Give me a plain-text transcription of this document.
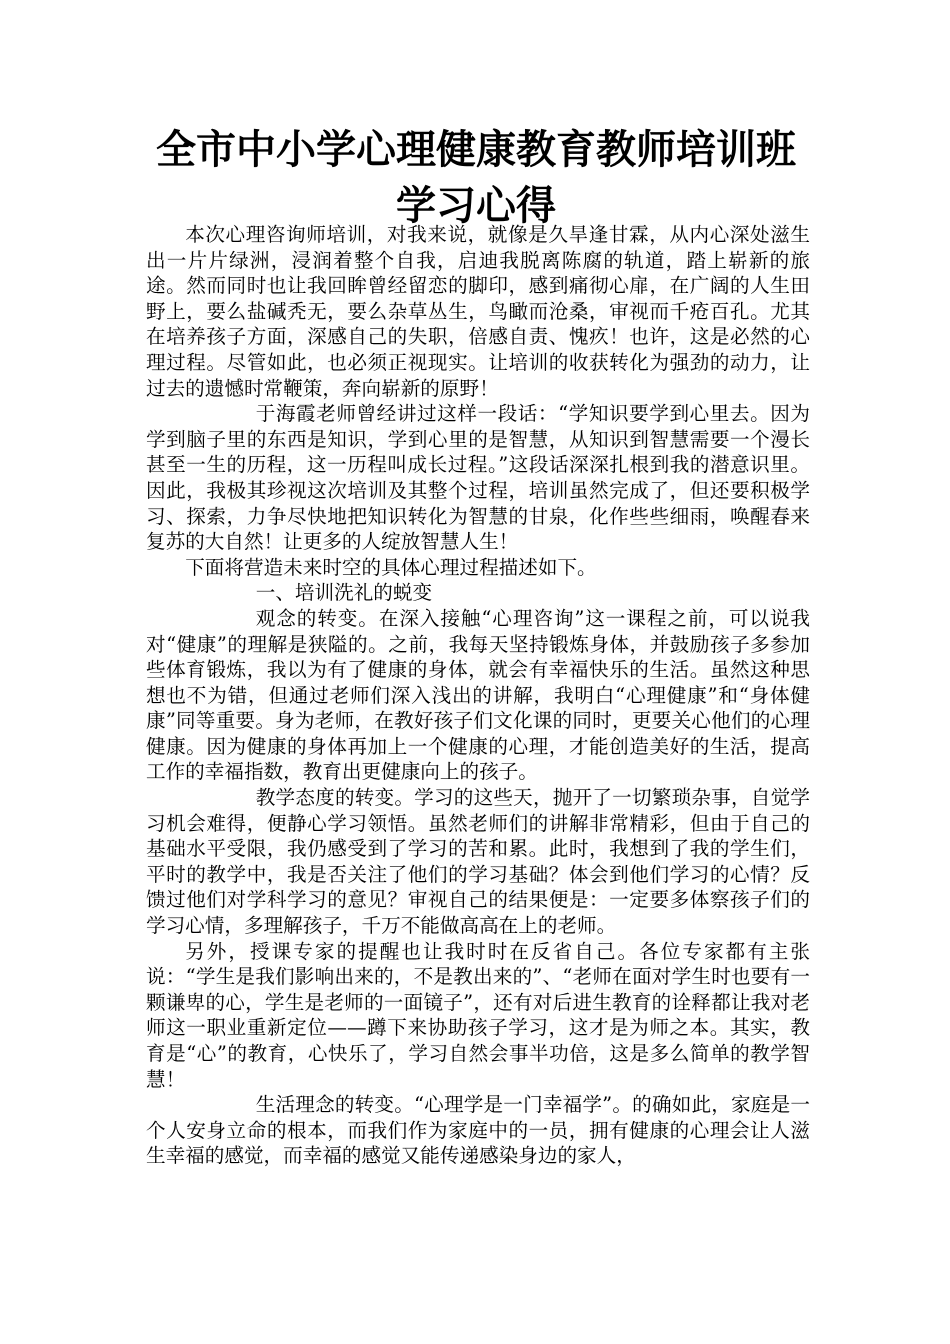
全市中小学心理健康教育教师培训班学习心得

本次心理咨询师培训，对我来说，就像是久旱逢甘霖，从内心深处滋生出一片片绿洲，浸润着整个自我，启迪我脱离陈腐的轨道，踏上崭新的旅途。然而同时也让我回眸曾经留恋的脚印，感到痛彻心扉，在广阔的人生田野上，要么盐碱秃无，要么杂草丛生，鸟瞰而沧桑，审视而千疮百孔。尤其在培养孩子方面，深感自己的失职，倍感自责、愧疚！也许，这是必然的心理过程。尽管如此，也必须正视现实。让培训的收获转化为强劲的动力，让过去的遗憾时常鞭策，奔向崭新的原野！

于海霞老师曾经讲过这样一段话：“学知识要学到心里去。因为学到脑子里的东西是知识，学到心里的是智慧，从知识到智慧需要一个漫长甚至一生的历程，这一历程叫成长过程。”这段话深深扎根到我的潜意识里。因此，我极其珍视这次培训及其整个过程，培训虽然完成了，但还要积极学习、探索，力争尽快地把知识转化为智慧的甘泉，化作些些细雨，唤醒春来复苏的大自然！让更多的人绽放智慧人生！

下面将营造未来时空的具体心理过程描述如下。

一、培训洗礼的蜕变

观念的转变。在深入接触“心理咨询”这一课程之前，可以说我对“健康”的理解是狭隘的。之前，我每天坚持锻炼身体，并鼓励孩子多参加些体育锻炼，我以为有了健康的身体，就会有幸福快乐的生活。虽然这种思想也不为错，但通过老师们深入浅出的讲解，我明白“心理健康”和“身体健康”同等重要。身为老师，在教好孩子们文化课的同时，更要关心他们的心理健康。因为健康的身体再加上一个健康的心理，才能创造美好的生活，提高工作的幸福指数，教育出更健康向上的孩子。

教学态度的转变。学习的这些天，抛开了一切繁琐杂事，自觉学习机会难得，便静心学习领悟。虽然老师们的讲解非常精彩，但由于自己的基础水平受限，我仍感受到了学习的苦和累。此时，我想到了我的学生们，平时的教学中，我是否关注了他们的学习基础？体会到他们学习的心情？反馈过他们对学科学习的意见？审视自己的结果便是：一定要多体察孩子们的学习心情，多理解孩子，千万不能做高高在上的老师。

另外，授课专家的提醒也让我时时在反省自己。各位专家都有主张说：“学生是我们影响出来的，不是教出来的”、“老师在面对学生时也要有一颗谦卑的心，学生是老师的一面镜子”，还有对后进生教育的诠释都让我对老师这一职业重新定位——蹲下来协助孩子学习，这才是为师之本。其实，教育是“心”的教育，心快乐了，学习自然会事半功倍，这是多么简单的教学智慧！

生活理念的转变。“心理学是一门幸福学”。的确如此，家庭是一个人安身立命的根本，而我们作为家庭中的一员，拥有健康的心理会让人滋生幸福的感觉，而幸福的感觉又能传递感染身边的家人，
